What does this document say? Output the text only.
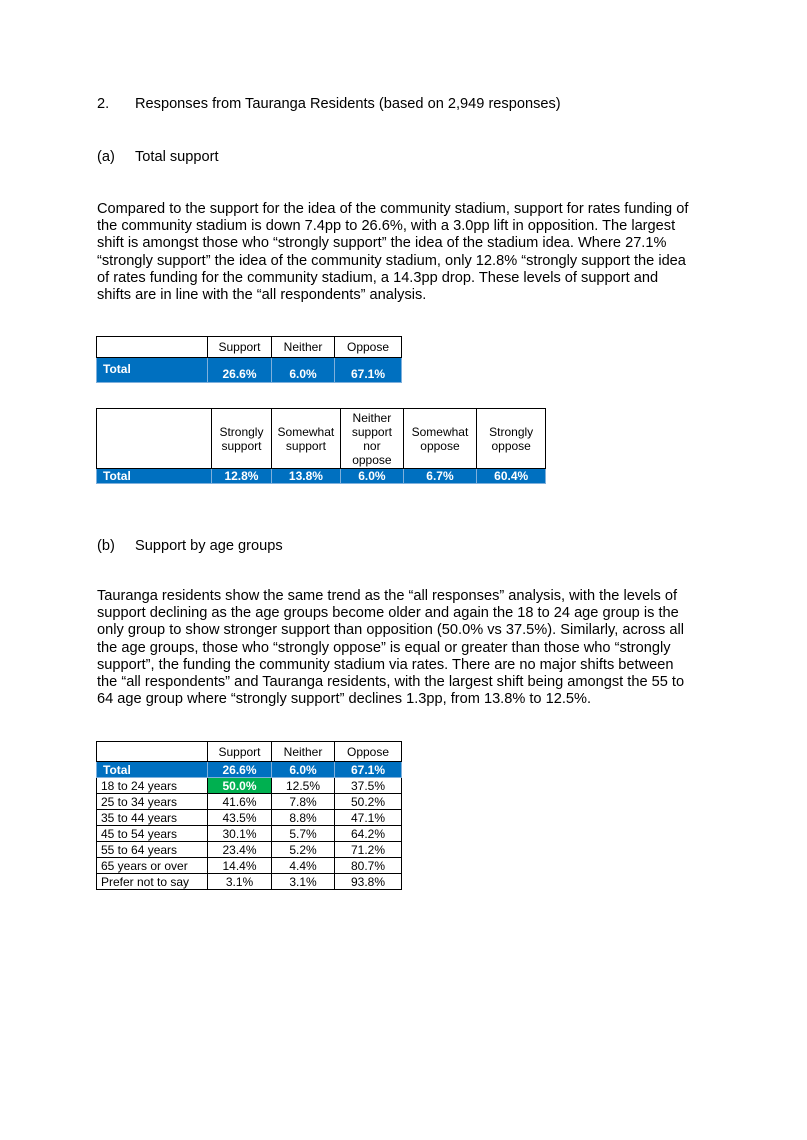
2. Responses from Tauranga Residents (based on 2,949 responses)
(a) Total support
Compared to the support for the idea of the community stadium, support for rates funding of
the community stadium is down 7.4pp to 26.6%, with a 3.0pp lift in opposition. The largest
shift is amongst those who “strongly support” the idea of the stadium idea. Where 27.1%
“strongly support” the idea of the community stadium, only 12.8% “strongly support the idea
of rates funding for the community stadium, a 14.3pp drop. These levels of support and
shifts are in line with the “all respondents” analysis.
	Support	Neither	Oppose
Total	26.6%	6.0%	67.1%
	Strongly
support	Somewhat
support	Neither
support
nor
oppose	Somewhat
oppose	Strongly
oppose
Total	12.8%	13.8%	6.0%	6.7%	60.4%
(b) Support by age groups
Tauranga residents show the same trend as the “all responses” analysis, with the levels of
support declining as the age groups become older and again the 18 to 24 age group is the
only group to show stronger support than opposition (50.0% vs 37.5%). Similarly, across all
the age groups, those who “strongly oppose” is equal or greater than those who “strongly
support”, the funding the community stadium via rates. There are no major shifts between
the “all respondents” and Tauranga residents, with the largest shift being amongst the 55 to
64 age group where “strongly support” declines 1.3pp, from 13.8% to 12.5%.
	Support	Neither	Oppose
Total	26.6%	6.0%	67.1%
18 to 24 years	50.0%	12.5%	37.5%
25 to 34 years	41.6%	7.8%	50.2%
35 to 44 years	43.5%	8.8%	47.1%
45 to 54 years	30.1%	5.7%	64.2%
55 to 64 years	23.4%	5.2%	71.2%
65 years or over	14.4%	4.4%	80.7%
Prefer not to say	3.1%	3.1%	93.8%
